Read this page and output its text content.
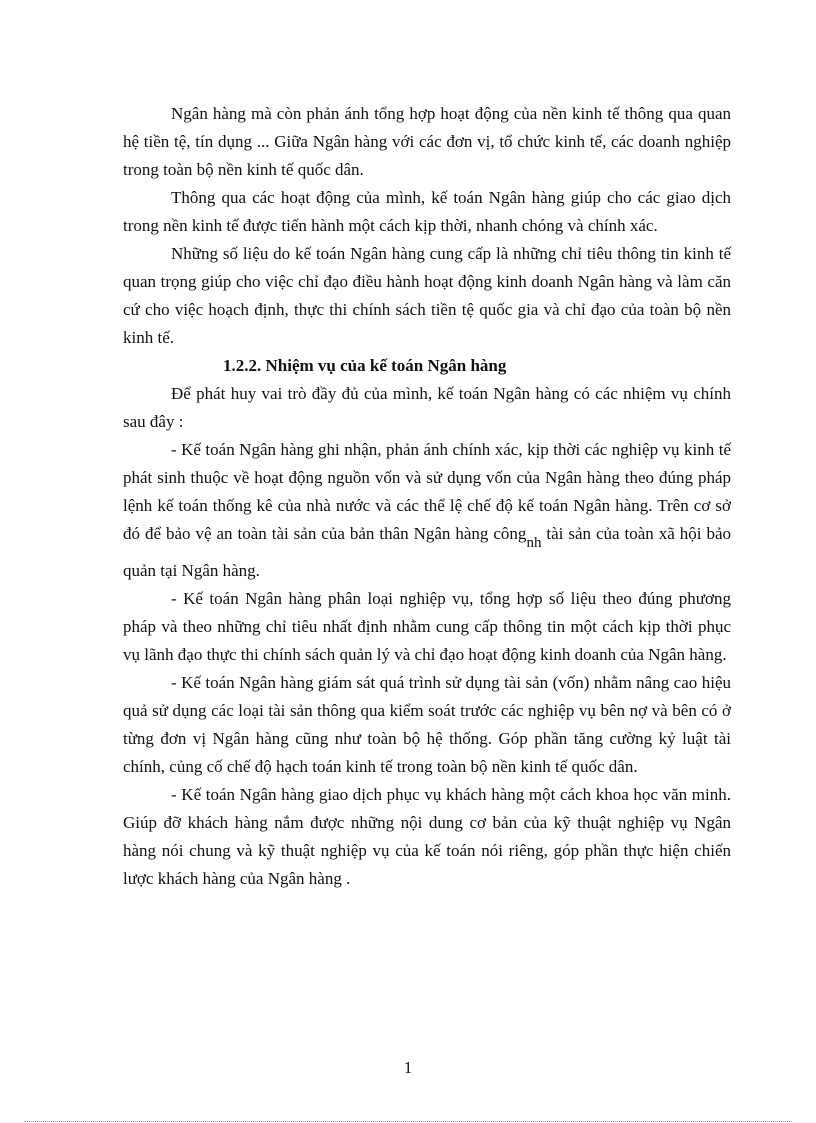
Ngân hàng mà còn phản ánh tổng hợp hoạt động của nền kinh tế thông qua quan hệ tiền tệ, tín dụng ... Giữa Ngân hàng với các đơn vị, tổ chức kinh tế, các doanh nghiệp trong toàn bộ nền kinh tế quốc dân.

Thông qua các hoạt động của mình, kế toán Ngân hàng giúp cho các giao dịch trong nền kinh tế được tiến hành một cách kịp thời, nhanh chóng và chính xác.

Những số liệu do kế toán Ngân hàng cung cấp là những chỉ tiêu thông tin kinh tế quan trọng giúp cho việc chỉ đạo điều hành hoạt động kinh doanh Ngân hàng và làm căn cứ cho việc hoạch định, thực thi chính sách tiền tệ quốc gia và chỉ đạo của toàn bộ nền kinh tế.

1.2.2. Nhiệm vụ của kế toán Ngân hàng

Để phát huy vai trò đầy đủ của mình, kế toán Ngân hàng có các nhiệm vụ chính sau đây :

- Kế toán Ngân hàng ghi nhận, phản ánh chính xác, kịp thời các nghiệp vụ kinh tế phát sinh thuộc về hoạt động nguồn vốn và sử dụng vốn của Ngân hàng theo đúng pháp lệnh kế toán thống kê của nhà nước và các thể lệ chế độ kế toán Ngân hàng. Trên cơ sở đó để bảo vệ an toàn tài sản của bản thân Ngân hàng côngnh tài sản của toàn xã hội bảo quản tại Ngân hàng.

- Kế toán Ngân hàng phân loại nghiệp vụ, tổng hợp số liệu theo đúng phương pháp và theo những chỉ tiêu nhất định nhằm cung cấp thông tin một cách kịp thời phục vụ lãnh đạo thực thi chính sách quản lý và chỉ đạo hoạt động kinh doanh của Ngân hàng.

- Kế toán Ngân hàng giám sát quá trình sử dụng tài sản (vốn) nhằm nâng cao hiệu quả sử dụng các loại tài sản thông qua kiểm soát trước các nghiệp vụ bên nợ và bên có ở từng đơn vị Ngân hàng cũng như toàn bộ hệ thống. Góp phần tăng cường kỷ luật tài chính, củng cố chế độ hạch toán kinh tế trong toàn bộ nền kinh tế quốc dân.

- Kế toán Ngân hàng giao dịch phục vụ khách hàng một cách khoa học văn minh. Giúp đỡ khách hàng nắm được những nội dung cơ bản của kỹ thuật nghiệp vụ Ngân hàng nói chung và kỹ thuật nghiệp vụ của kế toán nói riêng, góp phần thực hiện chiến lược khách hàng của Ngân hàng .

1
